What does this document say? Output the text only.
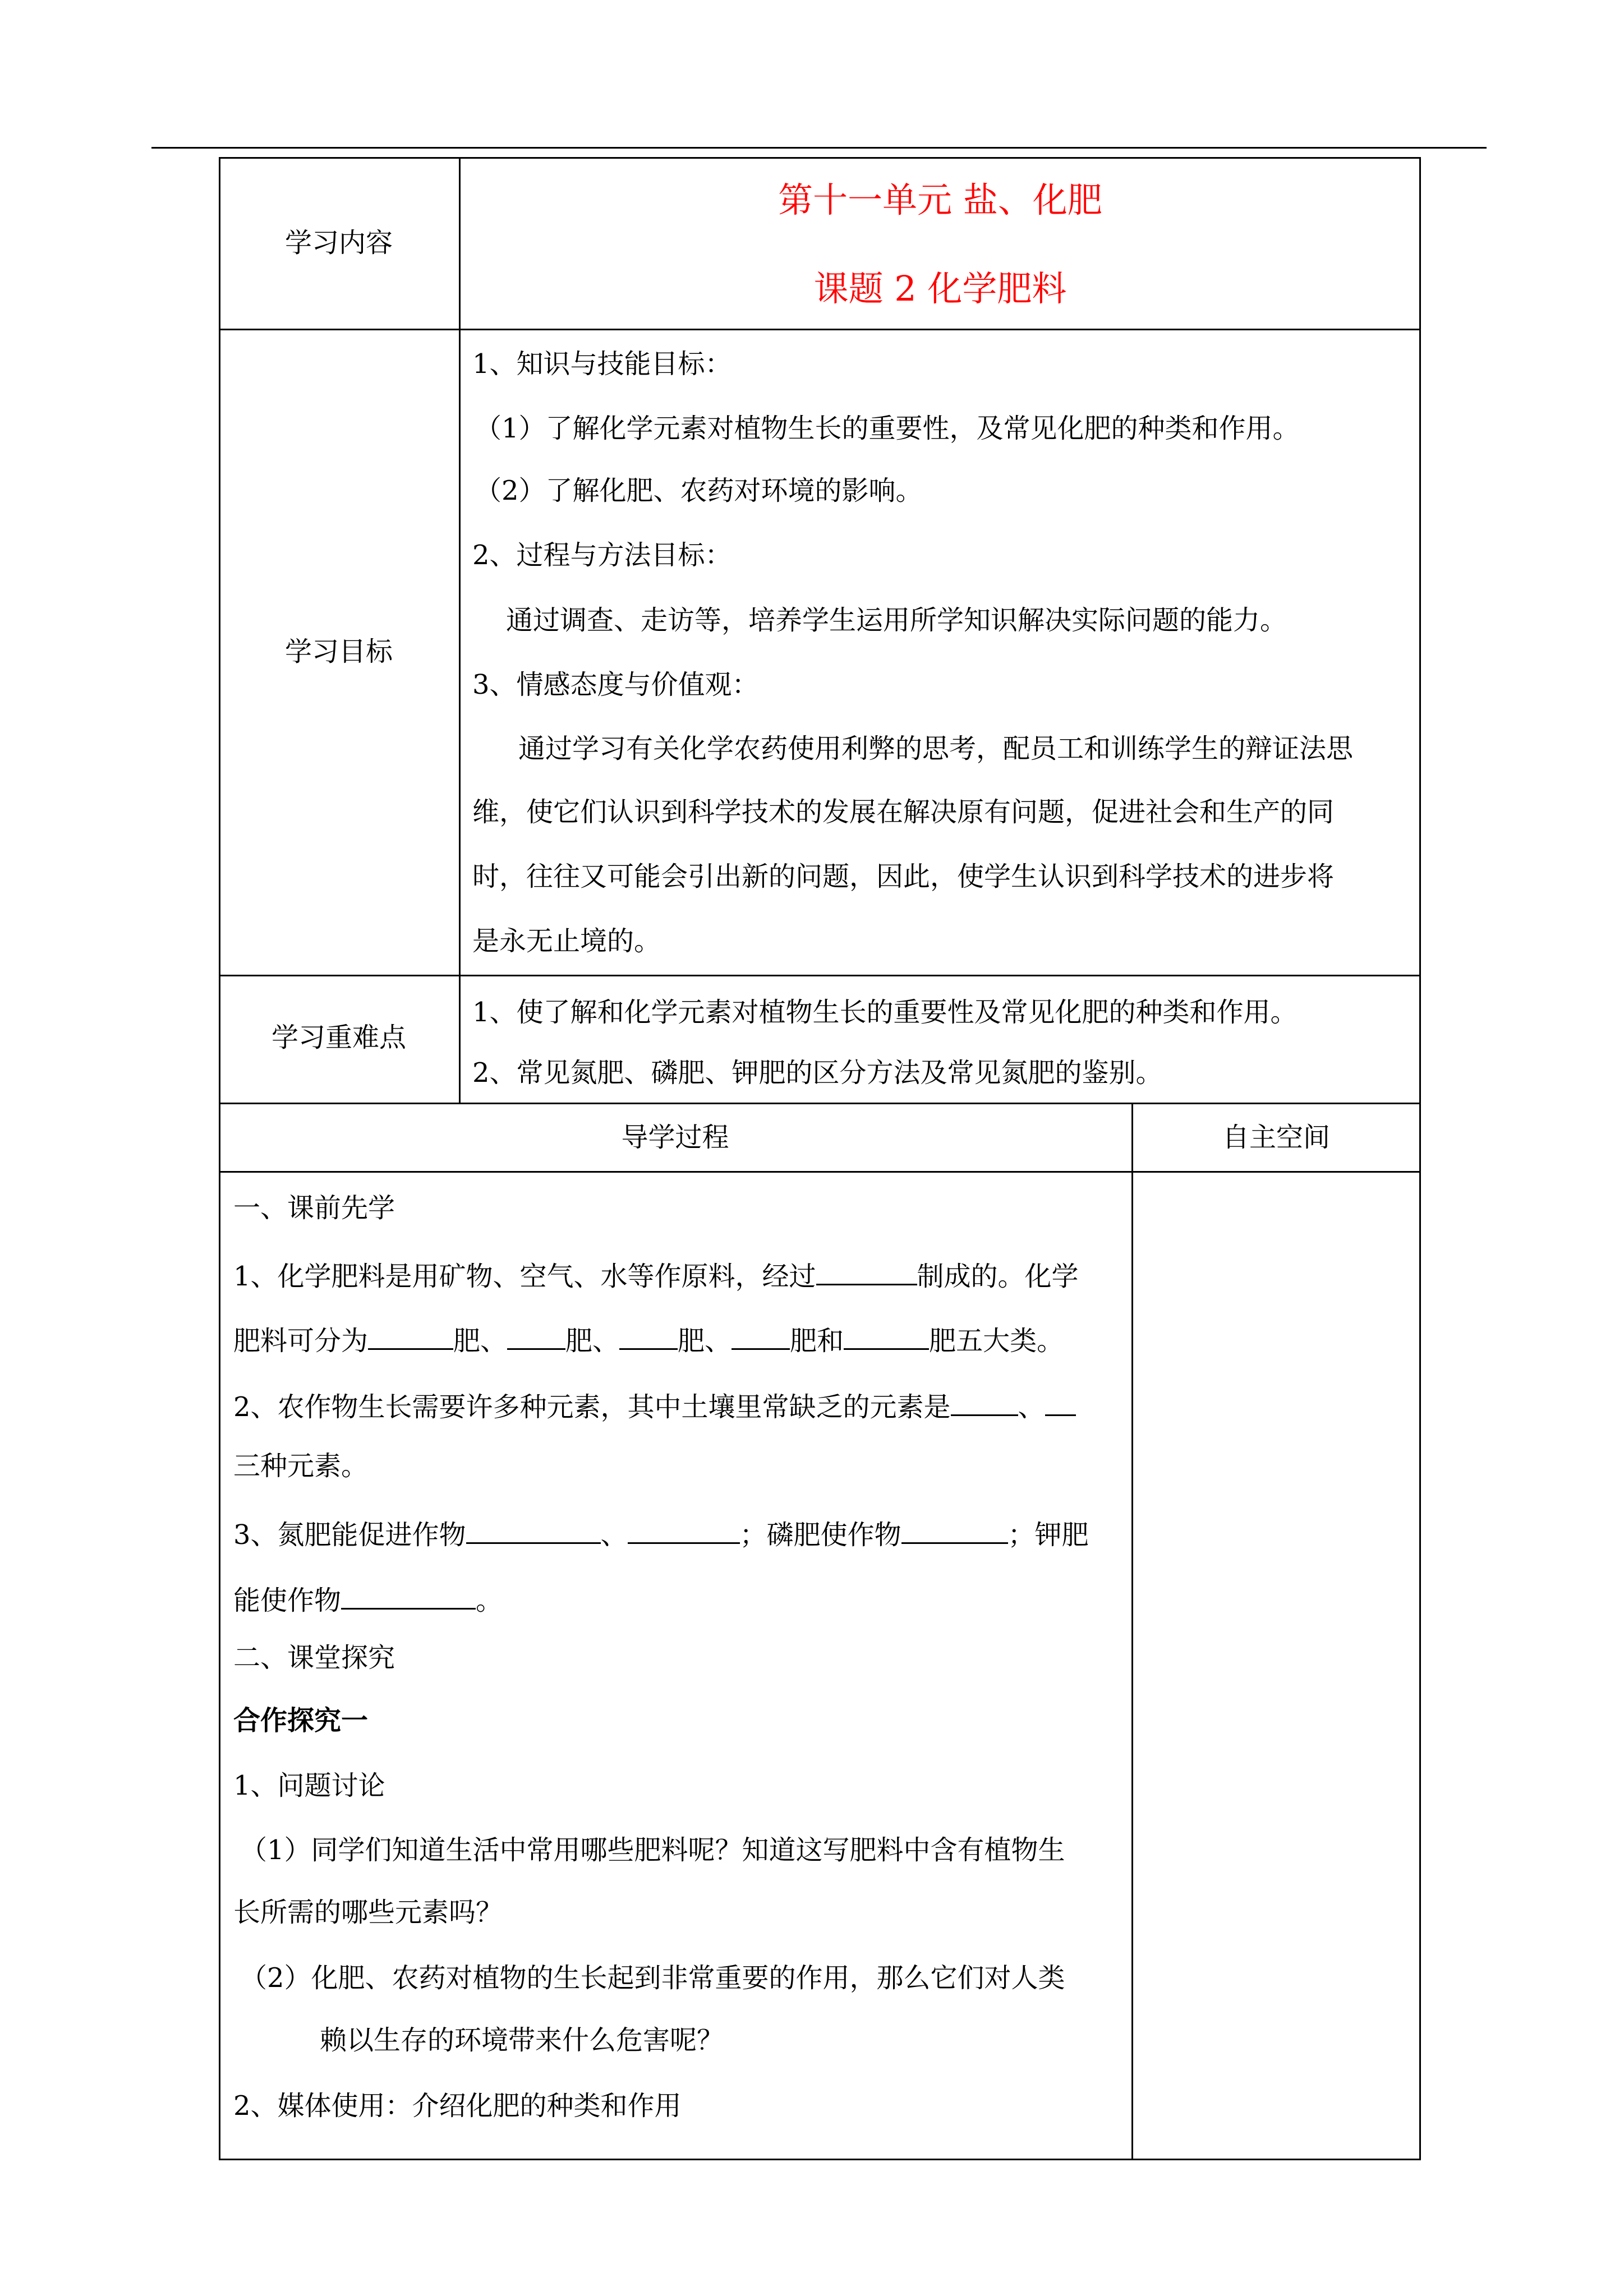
学习内容
第十一单元 盐、化肥
课题 2 化学肥料
学习目标
1、知识与技能目标：
（1）了解化学元素对植物生长的重要性，及常见化肥的种类和作用。
（2）了解化肥、农药对环境的影响。
2、过程与方法目标：
通过调查、走访等，培养学生运用所学知识解决实际问题的能力。
3、情感态度与价值观：
通过学习有关化学农药使用利弊的思考，配员工和训练学生的辩证法思
维，使它们认识到科学技术的发展在解决原有问题，促进社会和生产的同
时，往往又可能会引出新的问题，因此，使学生认识到科学技术的进步将
是永无止境的。
学习重难点
1、使了解和化学元素对植物生长的重要性及常见化肥的种类和作用。
2、常见氮肥、磷肥、钾肥的区分方法及常见氮肥的鉴别。
导学过程	自主空间
一、课前先学
1、化学肥料是用矿物、空气、水等作原料，经过	制成的。化学
肥料可分为	肥、 肥、 肥、 肥和	肥五大类。
2、农作物生长需要许多种元素，其中土壤里常缺乏的元素是	、
三种元素。
3、氮肥能促进作物	、	；磷肥使作物	；钾肥
能使作物	。
二、课堂探究
合作探究一
1、问题讨论
（1）同学们知道生活中常用哪些肥料呢？知道这写肥料中含有植物生
长所需的哪些元素吗？
（2）化肥、农药对植物的生长起到非常重要的作用，那么它们对人类
赖以生存的环境带来什么危害呢？
2、媒体使用：介绍化肥的种类和作用
